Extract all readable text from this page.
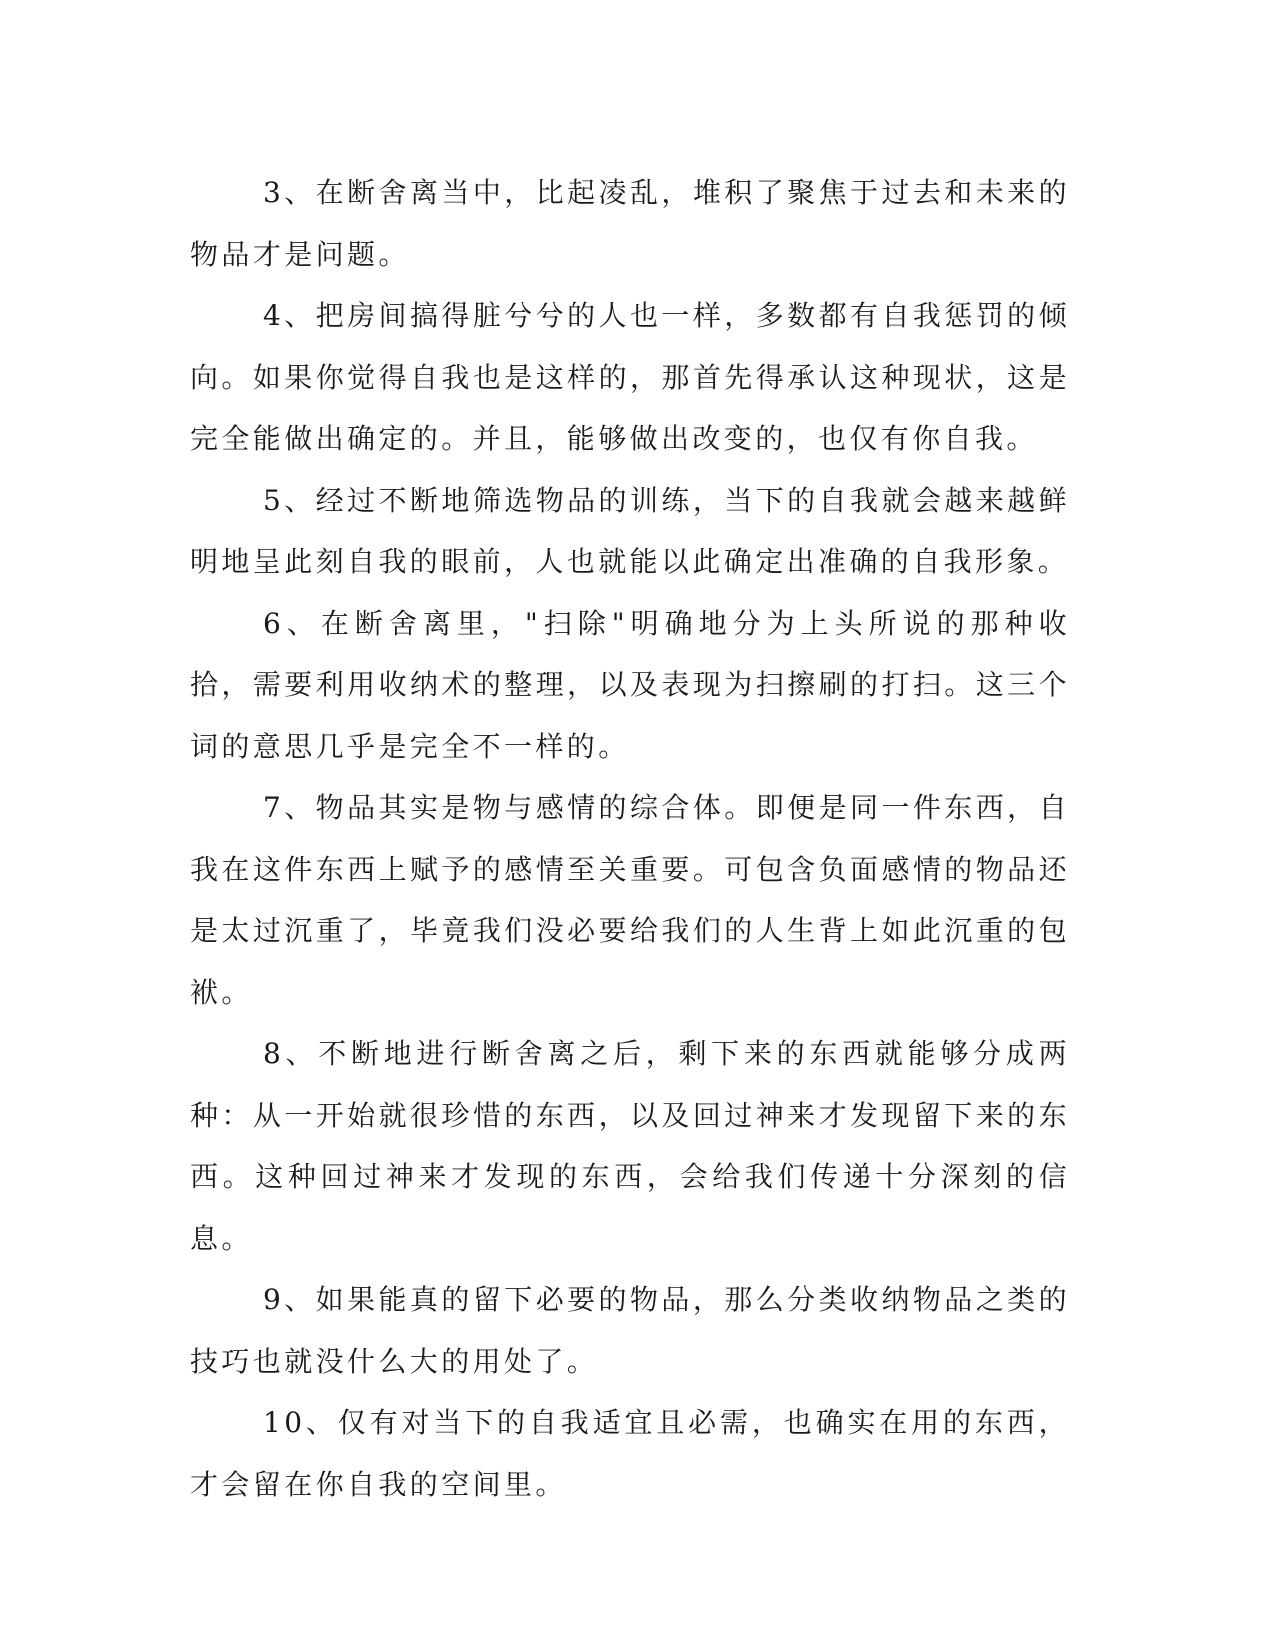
3、在断舍离当中，比起凌乱，堆积了聚焦于过去和未来的物品才是问题。

4、把房间搞得脏兮兮的人也一样，多数都有自我惩罚的倾向。如果你觉得自我也是这样的，那首先得承认这种现状，这是完全能做出确定的。并且，能够做出改变的，也仅有你自我。

5、经过不断地筛选物品的训练，当下的自我就会越来越鲜明地呈此刻自我的眼前，人也就能以此确定出准确的自我形象。

6、在断舍离里，"扫除"明确地分为上头所说的那种收拾，需要利用收纳术的整理，以及表现为扫擦刷的打扫。这三个词的意思几乎是完全不一样的。

7、物品其实是物与感情的综合体。即便是同一件东西，自我在这件东西上赋予的感情至关重要。可包含负面感情的物品还是太过沉重了，毕竟我们没必要给我们的人生背上如此沉重的包袱。

8、不断地进行断舍离之后，剩下来的东西就能够分成两种：从一开始就很珍惜的东西，以及回过神来才发现留下来的东西。这种回过神来才发现的东西，会给我们传递十分深刻的信息。

9、如果能真的留下必要的物品，那么分类收纳物品之类的技巧也就没什么大的用处了。

10、仅有对当下的自我适宜且必需，也确实在用的东西，才会留在你自我的空间里。
